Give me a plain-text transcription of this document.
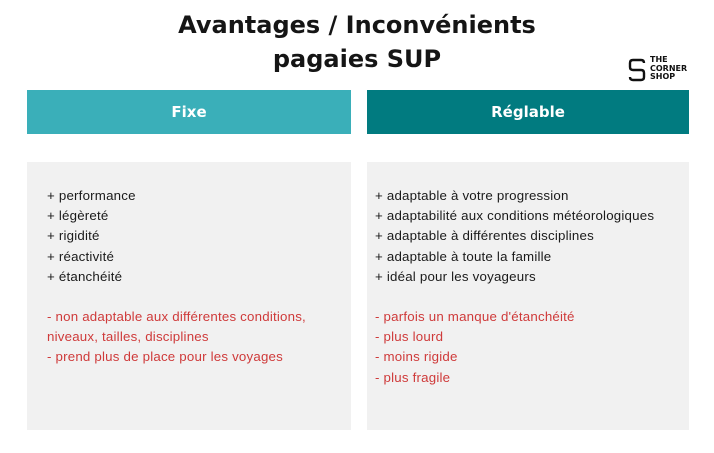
Avantages / Inconvénients
pagaies SUP	THE
CORNER
SHOP
Fixe	Réglable
+ performance
+ légèreté
+ rigidité
+ réactivité
+ étanchéité
- non adaptable aux différentes conditions,
niveaux, tailles, disciplines
- prend plus de place pour les voyages
+ adaptable à votre progression
+ adaptabilité aux conditions météorologiques
+ adaptable à différentes disciplines
+ adaptable à toute la famille
+ idéal pour les voyageurs
- parfois un manque d'étanchéité
- plus lourd
- moins rigide
- plus fragile
